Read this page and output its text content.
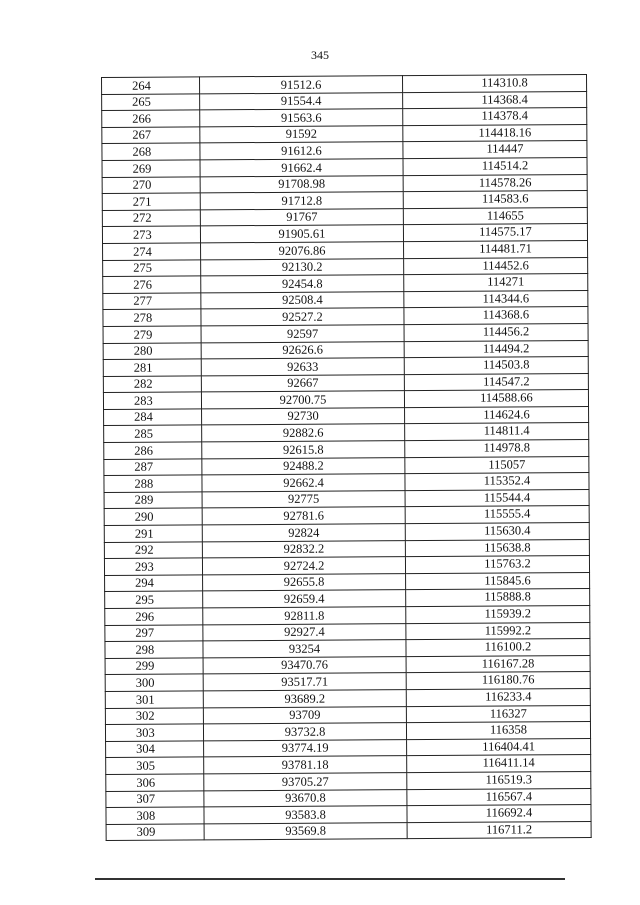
345
264	91512.6	114310.8
265	91554.4	114368.4
266	91563.6	114378.4
267	91592	114418.16
268	91612.6	114447
269	91662.4	114514.2
270	91708.98	114578.26
271	91712.8	114583.6
272	91767	114655
273	91905.61	114575.17
274	92076.86	114481.71
275	92130.2	114452.6
276	92454.8	114271
277	92508.4	114344.6
278	92527.2	114368.6
279	92597	114456.2
280	92626.6	114494.2
281	92633	114503.8
282	92667	114547.2
283	92700.75	114588.66
284	92730	114624.6
285	92882.6	114811.4
286	92615.8	114978.8
287	92488.2	115057
288	92662.4	115352.4
289	92775	115544.4
290	92781.6	115555.4
291	92824	115630.4
292	92832.2	115638.8
293	92724.2	115763.2
294	92655.8	115845.6
295	92659.4	115888.8
296	92811.8	115939.2
297	92927.4	115992.2
298	93254	116100.2
299	93470.76	116167.28
300	93517.71	116180.76
301	93689.2	116233.4
302	93709	116327
303	93732.8	116358
304	93774.19	116404.41
305	93781.18	116411.14
306	93705.27	116519.3
307	93670.8	116567.4
308	93583.8	116692.4
309	93569.8	116711.2
